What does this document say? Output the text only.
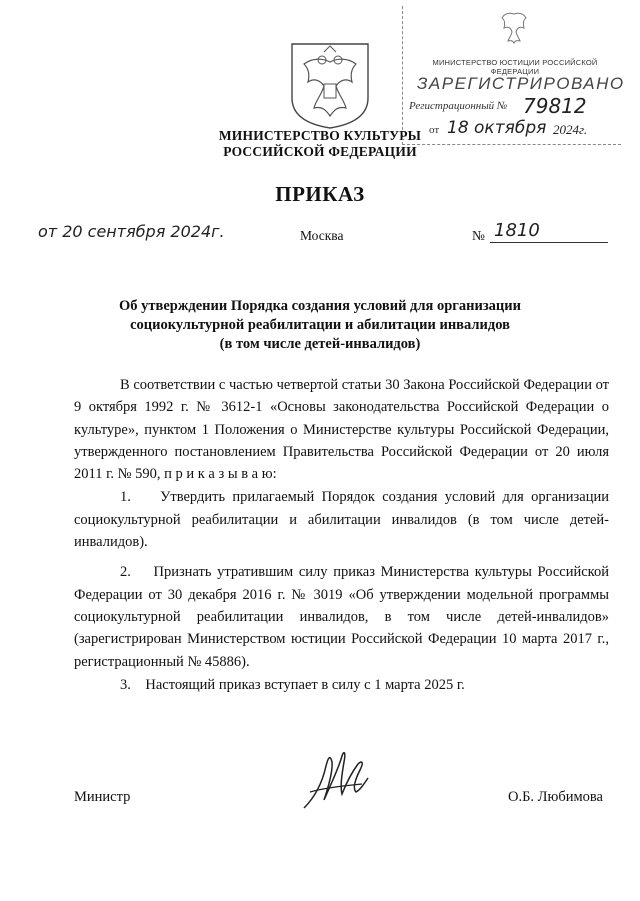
МИНИСТЕРСТВО КУЛЬТУРЫ
РОССИЙСКОЙ ФЕДЕРАЦИИ
МИНИСТЕРСТВО ЮСТИЦИИ РОССИЙСКОЙ ФЕДЕРАЦИИ
ЗАРЕГИСТРИРОВАНО
Регистрационный № 79812
от 18 октября 2024г.
ПРИКАЗ
от 20 сентября 2024г.	Москва	№ 1810
Об утверждении Порядка создания условий для организации
социокультурной реабилитации и абилитации инвалидов
(в том числе детей-инвалидов)

В соответствии с частью четвертой статьи 30 Закона Российской Федерации от 9 октября 1992 г. № 3612-1 «Основы законодательства Российской Федерации о культуре», пунктом 1 Положения о Министерстве культуры Российской Федерации, утвержденного постановлением Правительства Российской Федерации от 20 июля 2011 г. № 590, п р и к а з ы в а ю:

1.    Утвердить прилагаемый Порядок создания условий для организации социокультурной реабилитации и абилитации инвалидов (в том числе детей-инвалидов).

2.    Признать утратившим силу приказ Министерства культуры Российской Федерации от 30 декабря 2016 г. № 3019 «Об утверждении модельной программы социокультурной реабилитации инвалидов, в том числе детей-инвалидов» (зарегистрирован Министерством юстиции Российской Федерации 10 марта 2017 г., регистрационный № 45886).

3.    Настоящий приказ вступает в силу с 1 марта 2025 г.

Министр	О.Б. Любимова
